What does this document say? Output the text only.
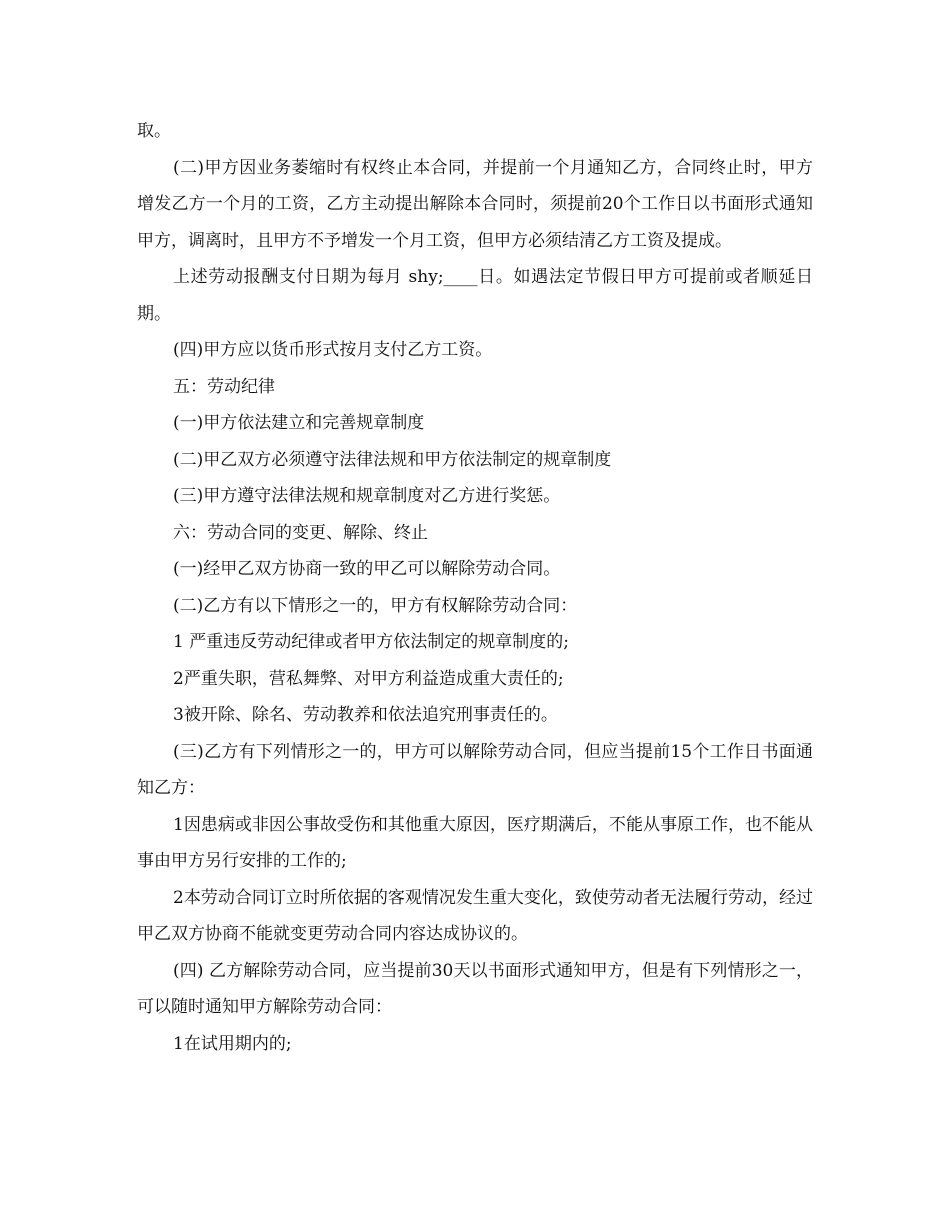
取。

(二)甲方因业务萎缩时有权终止本合同，并提前一个月通知乙方，合同终止时，甲方增发乙方一个月的工资，乙方主动提出解除本合同时，须提前20个工作日以书面形式通知甲方，调离时，且甲方不予增发一个月工资，但甲方必须结清乙方工资及提成。

上述劳动报酬支付日期为每月 shy;____日。如遇法定节假日甲方可提前或者顺延日期。

(四)甲方应以货币形式按月支付乙方工资。

五：劳动纪律

(一)甲方依法建立和完善规章制度

(二)甲乙双方必须遵守法律法规和甲方依法制定的规章制度

(三)甲方遵守法律法规和规章制度对乙方进行奖惩。

六：劳动合同的变更、解除、终止

(一)经甲乙双方协商一致的甲乙可以解除劳动合同。

(二)乙方有以下情形之一的，甲方有权解除劳动合同：

1 严重违反劳动纪律或者甲方依法制定的规章制度的;

2严重失职，营私舞弊、对甲方利益造成重大责任的;

3被开除、除名、劳动教养和依法追究刑事责任的。

(三)乙方有下列情形之一的，甲方可以解除劳动合同，但应当提前15个工作日书面通知乙方：

1因患病或非因公事故受伤和其他重大原因，医疗期满后，不能从事原工作，也不能从事由甲方另行安排的工作的;

2本劳动合同订立时所依据的客观情况发生重大变化，致使劳动者无法履行劳动，经过甲乙双方协商不能就变更劳动合同内容达成协议的。

(四) 乙方解除劳动合同，应当提前30天以书面形式通知甲方，但是有下列情形之一，可以随时通知甲方解除劳动合同：

1在试用期内的;
